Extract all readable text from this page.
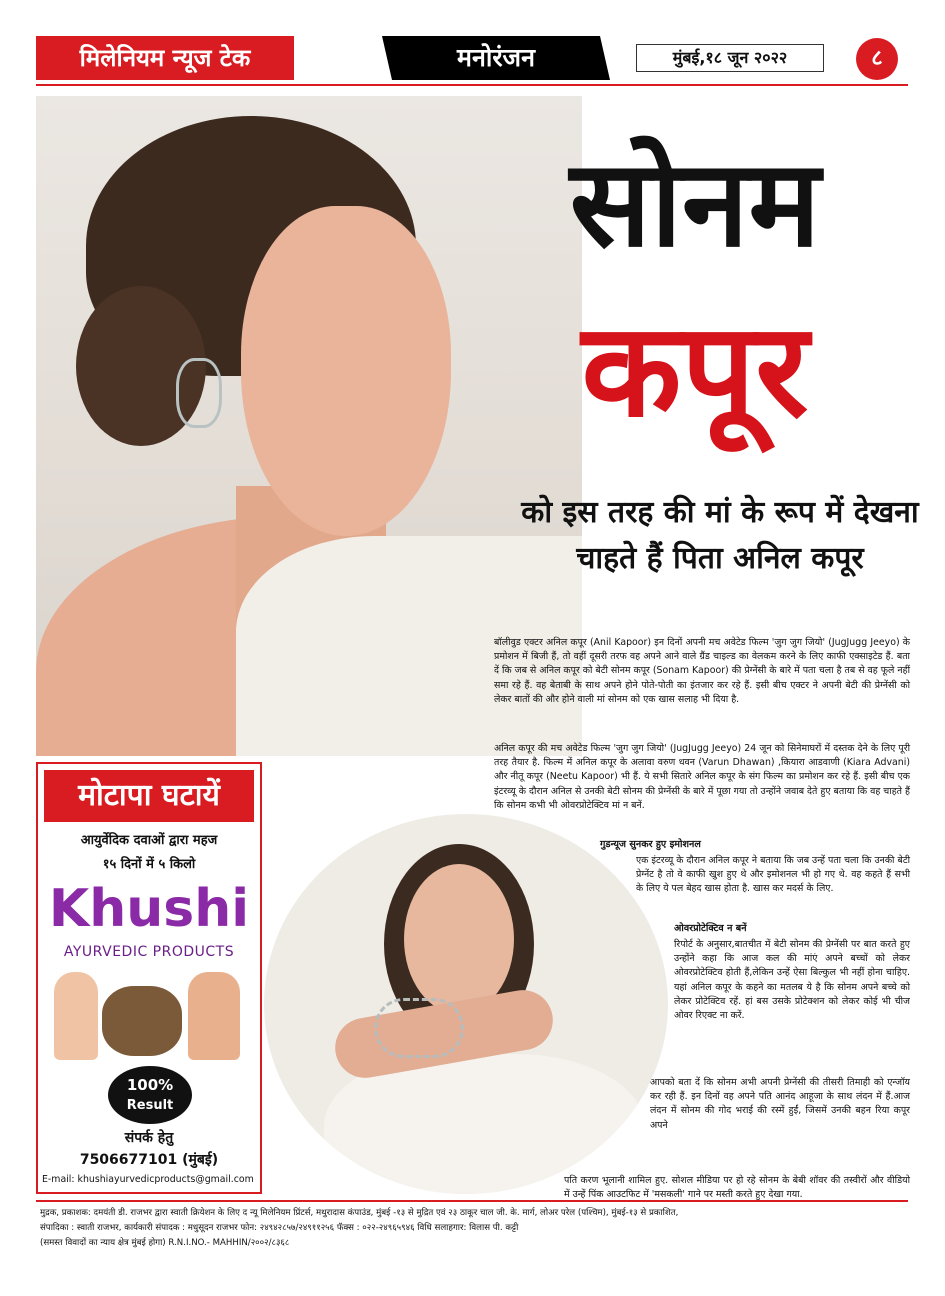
मिलेनियम न्यूज टेक	मनोरंजन	मुंबई,१८ जून २०२२	८
सोनम
कपूर
को इस तरह की मां के रूप में देखना चाहते हैं पिता अनिल कपूर

बॉलीवुड एक्टर अनिल कपूर (Anil Kapoor) इन दिनों अपनी मच अवेटेड फिल्म 'जुग जुग जियो' (JugJugg Jeeyo) के प्रमोशन में बिजी हैं, तो वहीं दूसरी तरफ वह अपने आने वाले ग्रैंड चाइल्ड का वेलकम करने के लिए काफी एक्साइटेड हैं. बता दें कि जब से अनिल कपूर को बेटी सोनम कपूर (Sonam Kapoor) की प्रेग्नेंसी के बारे में पता चला है तब से वह फूले नहीं समा रहे हैं. वह बेताबी के साथ अपने होने पोते-पोती का इंतजार कर रहे हैं. इसी बीच एक्टर ने अपनी बेटी की प्रेग्नेंसी को लेकर बातों की और होने वाली मां सोनम को एक खास सलाह भी दिया है.

अनिल कपूर की मच अवेटेड फिल्म 'जुग जुग जियो' (JugJugg Jeeyo) 24 जून को सिनेमाघरों में दस्तक देने के लिए पूरी तरह तैयार है. फिल्म में अनिल कपूर के अलावा वरुण धवन (Varun Dhawan) ,कियारा आडवाणी (Kiara Advani) और नीतू कपूर (Neetu Kapoor) भी हैं. ये सभी सितारे अनिल कपूर के संग फिल्म का प्रमोशन कर रहे हैं. इसी बीच एक इंटरव्यू के दौरान अनिल से उनकी बेटी सोनम की प्रेग्नेंसी के बारे में पूछा गया तो उन्होंने जवाब देते हुए बताया कि वह चाहते हैं कि सोनम कभी भी ओवरप्रोटेक्टिव मां न बनें.

गुडन्यूज सुनकर हुए इमोशनल

एक इंटरव्यू के दौरान अनिल कपूर ने बताया कि जब उन्हें पता चला कि उनकी बेटी प्रेग्नेंट है तो वे काफी खुश हुए थे और इमोशनल भी हो गए थे. वह कहते हैं सभी के लिए ये पल बेहद खास होता है. खास कर मदर्स के लिए.

ओवरप्रोटेक्टिव न बनें

रिपोर्ट के अनुसार,बातचीत में बेटी सोनम की प्रेग्नेंसी पर बात करते हुए उन्होंने कहा कि आज कल की मांएं अपने बच्चों को लेकर ओवरप्रोटेक्टिव होती हैं,लेकिन उन्हें ऐसा बिल्कुल भी नहीं होना चाहिए. यहां अनिल कपूर के कहने का मतलब ये है कि सोनम अपने बच्चे को लेकर प्रोटेक्टिव रहें. हां बस उसके प्रोटेक्शन को लेकर कोई भी चीज ओवर रिएक्ट ना करें.

आपको बता दें कि सोनम अभी अपनी प्रेग्नेंसी की तीसरी तिमाही को एन्जॉय कर रही हैं. इन दिनों वह अपने पति आनंद आहूजा के साथ लंदन में हैं.आज लंदन में सोनम की गोद भराई की रस्में हुईं, जिसमें उनकी बहन रिया कपूर अपने

पति करण भूलानी शामिल हुए. सोशल मीडिया पर हो रहे सोनम के बेबी शॉवर की तस्वीरों और वीडियो में उन्हें पिंक आउटफिट में 'मसकली' गाने पर मस्ती करते हुए देखा गया.

मोटापा घटायें
आयुर्वेदिक दवाओं द्वारा महज
१५ दिनों में ५ किलो
Khushi
AYURVEDIC PRODUCTS
100%
Result
संपर्क हेतु
7506677101 (मुंबई)
E-mail: khushiayurvedicproducts@gmail.com
मुद्रक, प्रकाशक: दमयंती डी. राजभर द्वारा स्वाती क्रियेशन के लिए द न्यू मिलेनियम प्रिंटर्स, मथुरादास कंपाउंड, मुंबई -१३ से मुद्रित एवं २३ ठाकूर चाल जी. के. मार्ग, लोअर परेल (पश्चिम), मुंबई-१३ से प्रकाशित,
संपादिका : स्वाती राजभर, कार्यकारी संपादक : मधुसूदन राजभर फोन: २४९४२८५७/२४९११२५६ फॅक्स : ०२२-२४९६५९४६ विधि सलाहगार: विलास पी. कट्टी
(समस्त विवादों का न्याय क्षेत्र मुंबई होगा) R.N.I.NO.- MAHHIN/२००२/८३६८
